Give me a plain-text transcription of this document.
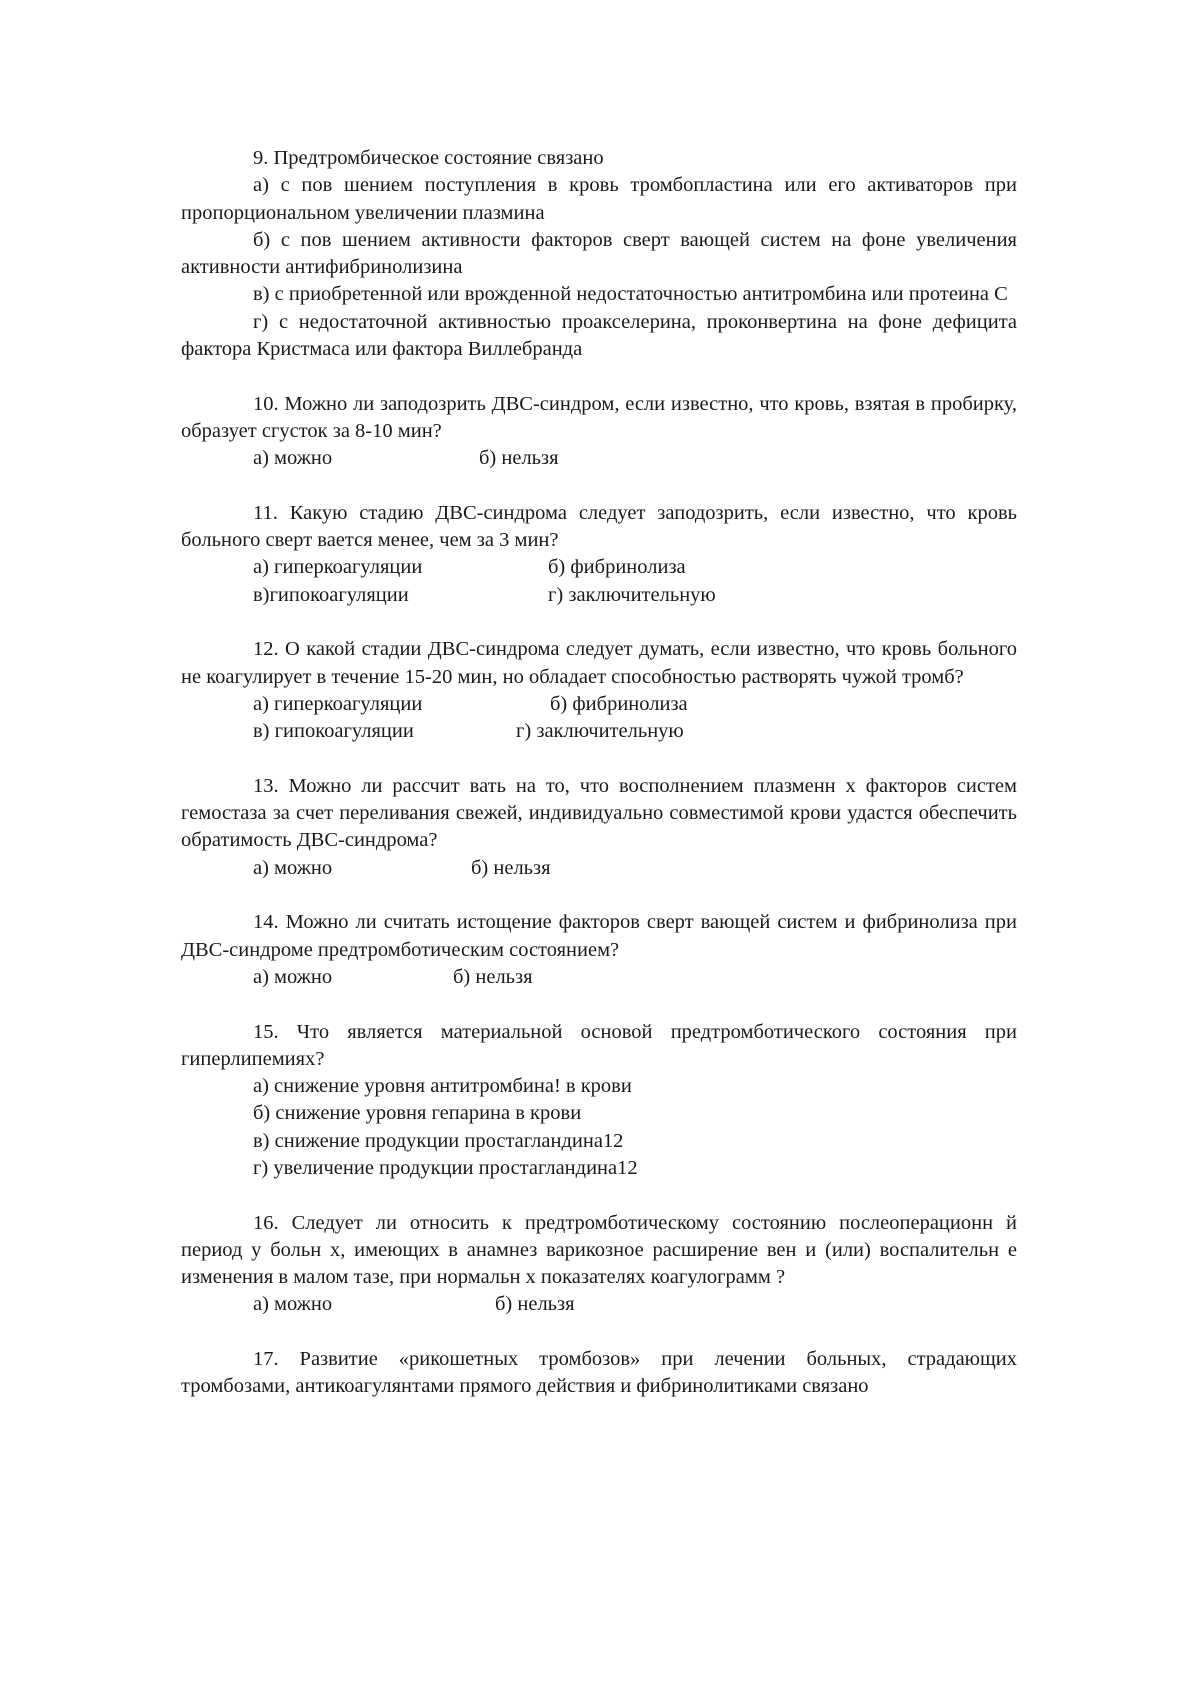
9. Предтромбическое состояние связано
а) с пов шением поступления в кровь тромбопластина или его активаторов при пропорциональном увеличении плазмина
б) с пов шением активности факторов сверт вающей систем на фоне увеличения активности антифибринолизина
в) с приобретенной или врожденной недостаточностью антитромбина или протеина С
г) с недостаточной активностью проакселерина, проконвертина на фоне дефицита фактора Кристмаса или фактора Виллебранда
10. Можно ли заподозрить ДВС-синдром, если известно, что кровь, взятая в пробирку, образует сгусток за 8-10 мин?
а) можно	б) нельзя
11. Какую стадию ДВС-синдрома следует заподозрить, если известно, что кровь больного сверт вается менее, чем за 3 мин?
а) гиперкоагуляции	б) фибринолиза
в)гипокоагуляции	г) заключительную
12. О какой стадии ДВС-синдрома следует думать, если известно, что кровь больного не коагулирует в течение 15-20 мин, но обладает способностью растворять чужой тромб?
а) гиперкоагуляции	б) фибринолиза
в) гипокоагуляции	г) заключительную
13. Можно ли рассчит вать на то, что восполнением плазменн х факторов систем гемостаза за счет переливания свежей, индивидуально совместимой крови удастся обеспечить обратимость ДВС-синдрома?
а) можно	б) нельзя
14. Можно ли считать истощение факторов сверт вающей систем и фибринолиза при ДВС-синдроме предтромботическим состоянием?
а) можно	б) нельзя
15. Что является материальной основой предтромботического состояния при гиперлипемиях?
а) снижение уровня антитромбина! в крови
б) снижение уровня гепарина в крови
в) снижение продукции простагландина12
г) увеличение продукции простагландина12
16. Следует ли относить к предтромботическому состоянию послеоперационн й период у больн х, имеющих в анамнез варикозное расширение вен и (или) воспалительн е изменения в малом тазе, при нормальн х показателях коагулограмм ?
а) можно	б) нельзя
17. Развитие «рикошетных тромбозов» при лечении больных, страдающих тромбозами, антикоагулянтами прямого действия и фибринолитиками связано
